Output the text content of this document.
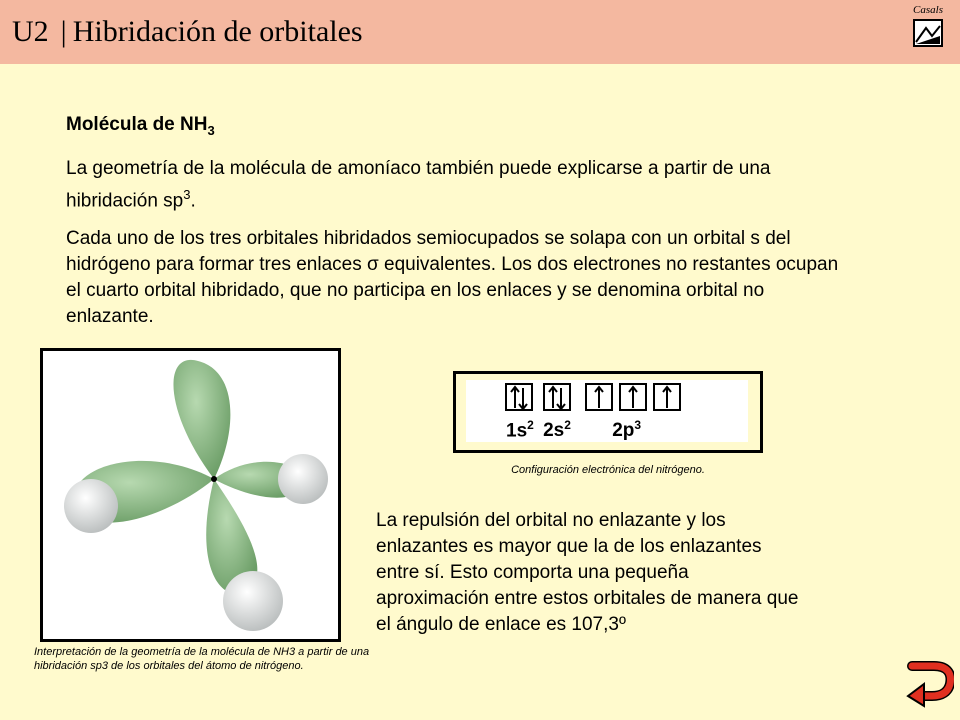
U2 | Hibridación de orbitales
Casals
Molécula de $NH_3$

La geometría de la molécula de amoníaco también puede explicarse a partir de una hibridación $sp^3$.

Cada uno de los tres orbitales hibridados semiocupados se solapa con un orbital s del hidrógeno para formar tres enlaces σ equivalentes. Los dos electrones no restantes ocupan el cuarto orbital hibridado, que no participa en los enlaces y se denomina orbital no enlazante.

Interpretación de la geometría de la molécula de NH3 a partir de una hibridación sp3 de los orbitales del átomo de nitrógeno.
$1s^2$ $2s^2$ $2p^3$
Configuración electrónica del nitrógeno.
La repulsión del orbital no enlazante y los enlazantes es mayor que la de los enlazantes entre sí. Esto comporta una pequeña aproximación entre estos orbitales de manera que el ángulo de enlace es 107,3º
